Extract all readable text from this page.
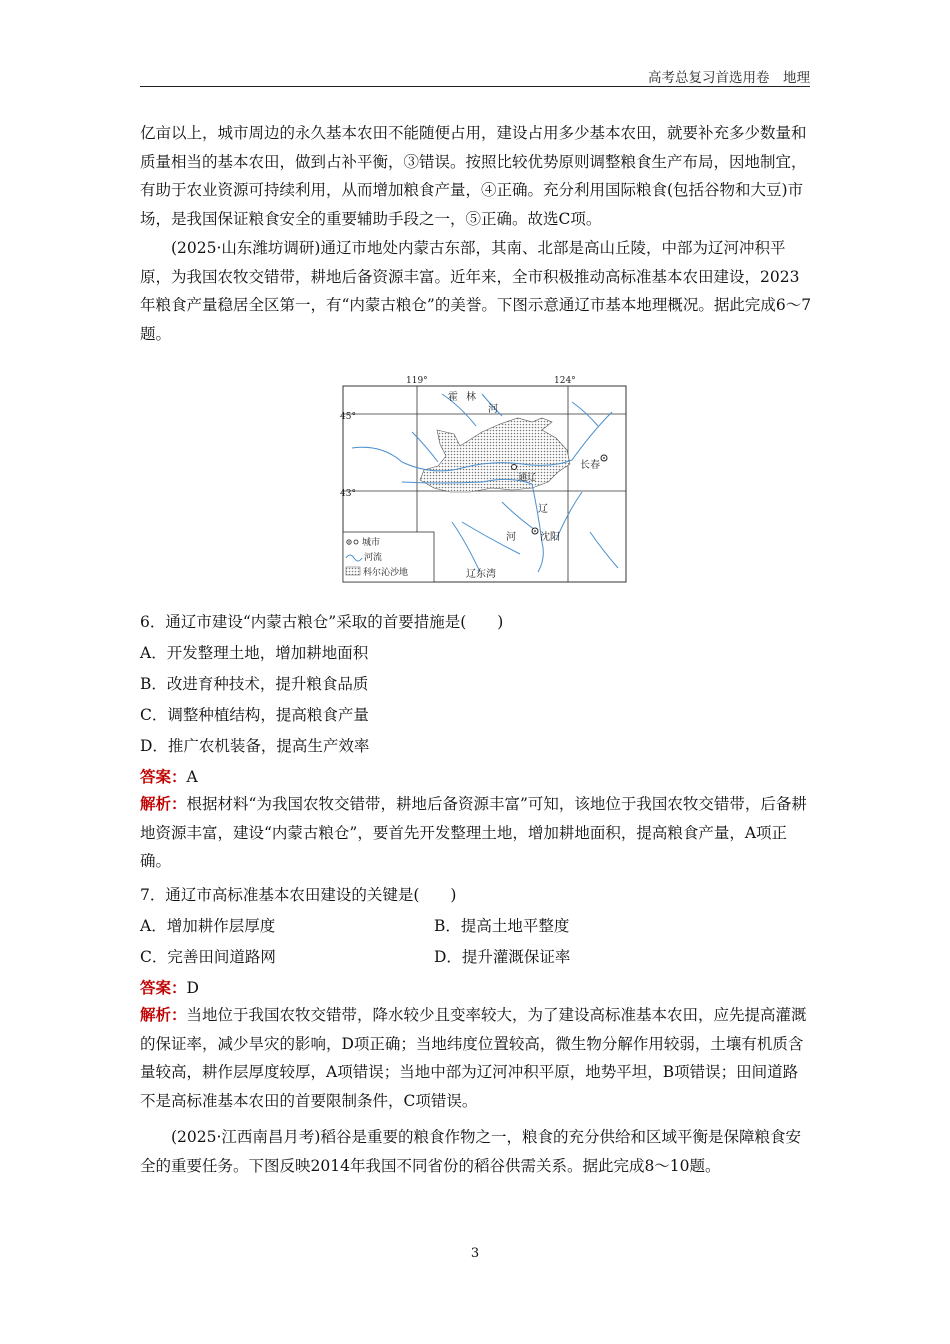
高考总复习首选用卷　地理
亿亩以上，城市周边的永久基本农田不能随便占用，建设占用多少基本农田，就要补充多少数量和质量相当的基本农田，做到占补平衡，③错误。按照比较优势原则调整粮食生产布局，因地制宜，有助于农业资源可持续利用，从而增加粮食产量，④正确。充分利用国际粮食(包括谷物和大豆)市场，是我国保证粮食安全的重要辅助手段之一，⑤正确。故选C项。
(2025·山东潍坊调研)通辽市地处内蒙古东部，其南、北部是高山丘陵，中部为辽河冲积平原，为我国农牧交错带，耕地后备资源丰富。近年来，全市积极推动高标准基本农田建设，2023年粮食产量稳居全区第一，有“内蒙古粮仓”的美誉。下图示意通辽市基本地理概况。据此完成6～7题。
119°	124°
45°
43°
霍 林
河
长春
通辽
辽
河 沈阳
辽东湾
城市
河流
科尔沁沙地
6．通辽市建设“内蒙古粮仓”采取的首要措施是(　　)
A．开发整理土地，增加耕地面积
B．改进育种技术，提升粮食品质
C．调整种植结构，提高粮食产量
D．推广农机装备，提高生产效率
答案：A
解析：根据材料“为我国农牧交错带，耕地后备资源丰富”可知，该地位于我国农牧交错带，后备耕地资源丰富，建设“内蒙古粮仓”，要首先开发整理土地，增加耕地面积，提高粮食产量，A项正确。
7．通辽市高标准基本农田建设的关键是(　　)
A．增加耕作层厚度	B．提高土地平整度
C．完善田间道路网	D．提升灌溉保证率
答案：D
解析：当地位于我国农牧交错带，降水较少且变率较大，为了建设高标准基本农田，应先提高灌溉的保证率，减少旱灾的影响，D项正确；当地纬度位置较高，微生物分解作用较弱，土壤有机质含量较高，耕作层厚度较厚，A项错误；当地中部为辽河冲积平原，地势平坦，B项错误；田间道路不是高标准基本农田的首要限制条件，C项错误。
(2025·江西南昌月考)稻谷是重要的粮食作物之一，粮食的充分供给和区域平衡是保障粮食安全的重要任务。下图反映2014年我国不同省份的稻谷供需关系。据此完成8～10题。
3
